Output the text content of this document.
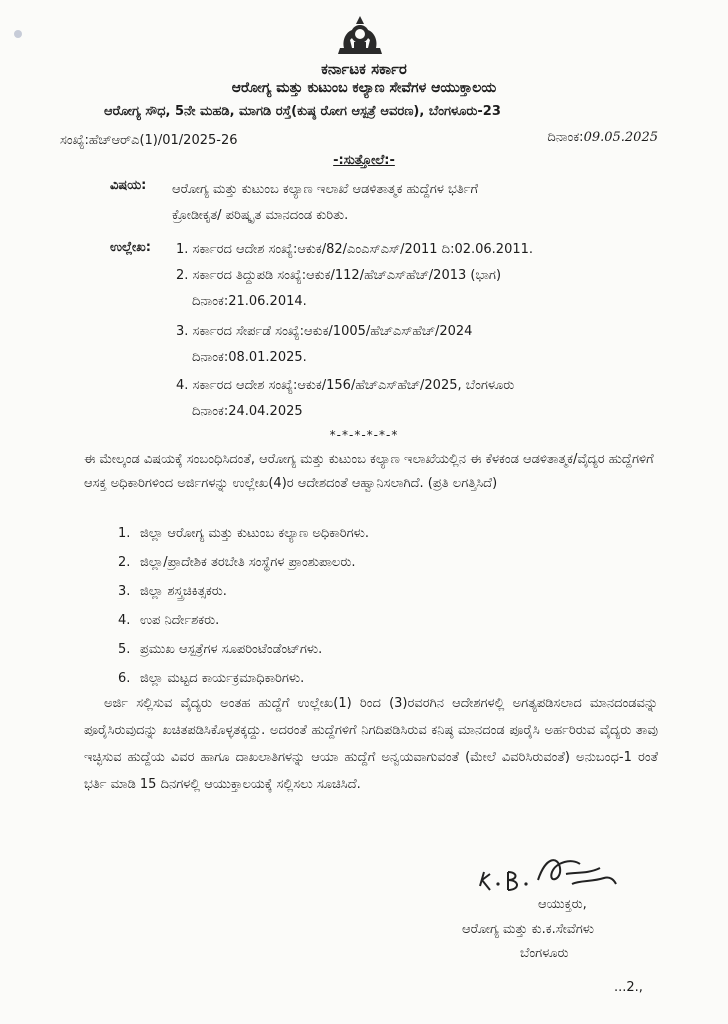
ಕರ್ನಾಟಕ ಸರ್ಕಾರ
ಆರೋಗ್ಯ ಮತ್ತು ಕುಟುಂಬ ಕಲ್ಯಾಣ ಸೇವೆಗಳ ಆಯುಕ್ತಾಲಯ
ಆರೋಗ್ಯ ಸೌಧ, 5ನೇ ಮಹಡಿ, ಮಾಗಡಿ ರಸ್ತೆ(ಕುಷ್ಠ ರೋಗ ಆಸ್ಪತ್ರೆ ಆವರಣ), ಬೆಂಗಳೂರು-23
ಸಂಖ್ಯೆ:ಹೆಚ್‌ಆರ್‌ಎ(1)/01/2025-26	ದಿನಾಂಕ:09.05.2025
-:ಸುತ್ತೋಲೆ:-
ವಿಷಯ: ಆರೋಗ್ಯ ಮತ್ತು ಕುಟುಂಬ ಕಲ್ಯಾಣ ಇಲಾಖೆ ಆಡಳಿತಾತ್ಮಕ ಹುದ್ದೆಗಳ ಭರ್ತಿಗೆ
ಕ್ರೋಡೀಕೃತ/ ಪರಿಷ್ಕೃತ ಮಾನದಂಡ ಕುರಿತು.
ಉಲ್ಲೇಖ: 1. ಸರ್ಕಾರದ ಆದೇಶ ಸಂಖ್ಯೆ:ಆಕುಕ/82/ಎಂಎಸ್‌ಎಸ್/2011 ದಿ:02.06.2011.
2. ಸರ್ಕಾರದ ತಿದ್ದುಪಡಿ ಸಂಖ್ಯೆ:ಆಕುಕ/112/ಹೆಚ್‌ಎಸ್‌ಹೆಚ್/2013 (ಭಾಗ)
ದಿನಾಂಕ:21.06.2014.
3. ಸರ್ಕಾರದ ಸೇರ್ಪಡೆ ಸಂಖ್ಯೆ:ಆಕುಕ/1005/ಹೆಚ್‌ಎಸ್‌ಹೆಚ್/2024
ದಿನಾಂಕ:08.01.2025.
4. ಸರ್ಕಾರದ ಆದೇಶ ಸಂಖ್ಯೆ:ಆಕುಕ/156/ಹೆಚ್‌ಎಸ್‌ಹೆಚ್/2025, ಬೆಂಗಳೂರು
ದಿನಾಂಕ:24.04.2025
*-*-*-*-*-*
ಈ ಮೇಲ್ಕಂಡ ವಿಷಯಕ್ಕೆ ಸಂಬಂಧಿಸಿದಂತೆ, ಆರೋಗ್ಯ ಮತ್ತು ಕುಟುಂಬ ಕಲ್ಯಾಣ ಇಲಾಖೆಯಲ್ಲಿನ ಈ ಕೆಳಕಂಡ ಆಡಳಿತಾತ್ಮಕ/ವೈದ್ಯರ ಹುದ್ದೆಗಳಿಗೆ ಆಸಕ್ತ ಅಧಿಕಾರಿಗಳಿಂದ ಅರ್ಜಿಗಳನ್ನು ಉಲ್ಲೇಖ(4)ರ ಆದೇಶದಂತೆ ಆಹ್ವಾನಿಸಲಾಗಿದೆ. (ಪ್ರತಿ ಲಗತ್ತಿಸಿದೆ)
1. ಜಿಲ್ಲಾ ಆರೋಗ್ಯ ಮತ್ತು ಕುಟುಂಬ ಕಲ್ಯಾಣ ಅಧಿಕಾರಿಗಳು.
2. ಜಿಲ್ಲಾ/ಪ್ರಾದೇಶಿಕ ತರಬೇತಿ ಸಂಸ್ಥೆಗಳ ಪ್ರಾಂಶುಪಾಲರು.
3. ಜಿಲ್ಲಾ ಶಸ್ತ್ರಚಿಕಿತ್ಸಕರು.
4. ಉಪ ನಿರ್ದೇಶಕರು.
5. ಪ್ರಮುಖ ಆಸ್ಪತ್ರೆಗಳ ಸೂಪರಿಂಟೆಂಡೆಂಟ್‌ಗಳು.
6. ಜಿಲ್ಲಾ ಮಟ್ಟದ ಕಾರ್ಯಕ್ರಮಾಧಿಕಾರಿಗಳು.
ಅರ್ಜಿ ಸಲ್ಲಿಸುವ ವೈದ್ಯರು ಅಂತಹ ಹುದ್ದೆಗೆ ಉಲ್ಲೇಖ(1) ರಿಂದ (3)ರವರಗಿನ ಆದೇಶಗಳಲ್ಲಿ ಅಗತ್ಯಪಡಿಸಲಾದ ಮಾನದಂಡವನ್ನು ಪೂರೈಸಿರುವುದನ್ನು ಖಚಿತಪಡಿಸಿಕೊಳ್ಳತಕ್ಕದ್ದು. ಅದರಂತೆ ಹುದ್ದೆಗಳಿಗೆ ನಿಗದಿಪಡಿಸಿರುವ ಕನಿಷ್ಠ ಮಾನದಂಡ ಪೂರೈಸಿ ಅರ್ಹರಿರುವ ವೈದ್ಯರು ತಾವು ಇಚ್ಛಿಸುವ ಹುದ್ದೆಯ ವಿವರ ಹಾಗೂ ದಾಖಲಾತಿಗಳನ್ನು ಆಯಾ ಹುದ್ದೆಗೆ ಅನ್ವಯವಾಗುವಂತೆ (ಮೇಲೆ ವಿವರಿಸಿರುವಂತೆ) ಅನುಬಂಧ-1 ರಂತೆ ಭರ್ತಿ ಮಾಡಿ 15 ದಿನಗಳಲ್ಲಿ ಆಯುಕ್ತಾಲಯಕ್ಕೆ ಸಲ್ಲಿಸಲು ಸೂಚಿಸಿದೆ.
ಆಯುಕ್ತರು,
ಆರೋಗ್ಯ ಮತ್ತು ಕು.ಕ.ಸೇವೆಗಳು
ಬೆಂಗಳೂರು
...2.,
